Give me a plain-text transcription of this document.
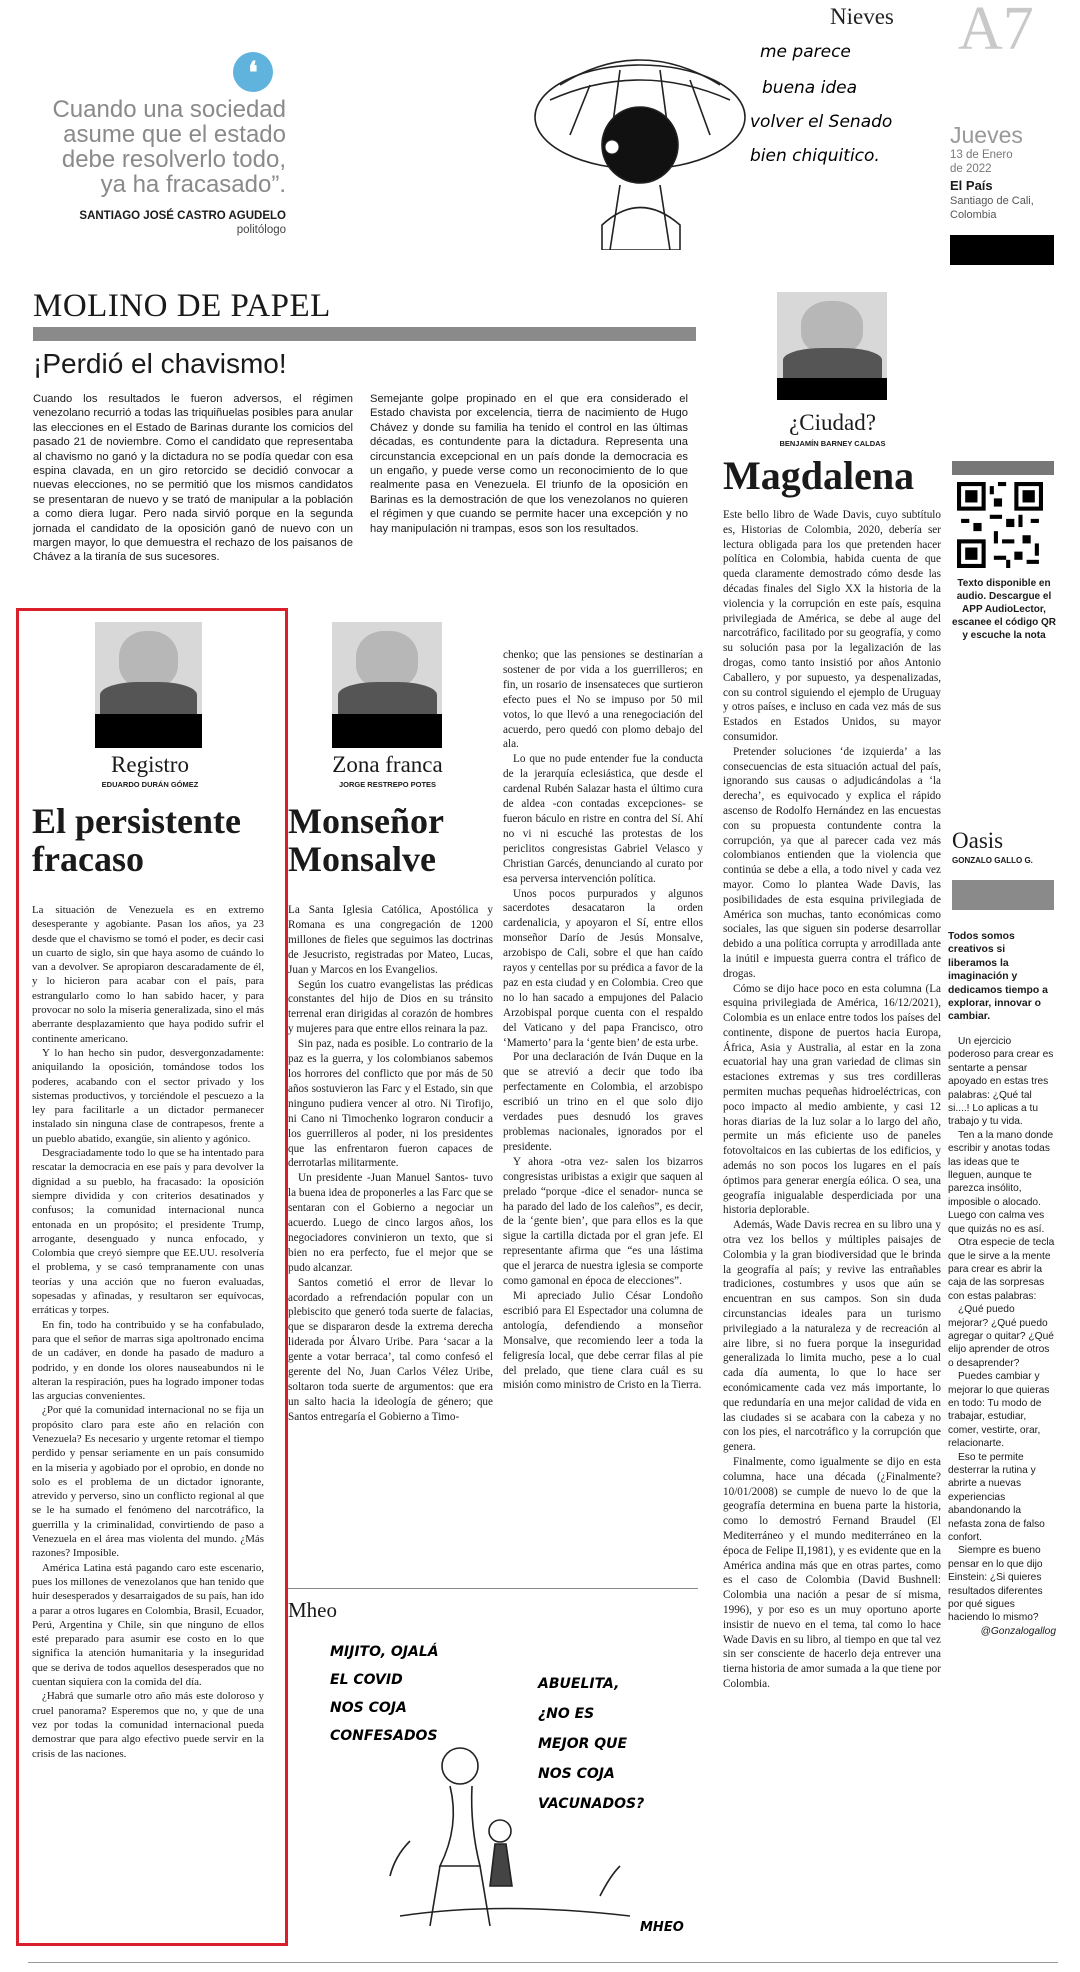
Nieves A7
Jueves
13 de Enero
de 2022
El País
Santiago de Cali,
Colombia
❛
Cuando una sociedad asume que el estado debe resolverlo todo, ya ha fracasado”.
SANTIAGO JOSÉ CASTRO AGUDELO
politólogo
me parece
buena idea
volver el Senado
bien chiquitico.
MOLINO DE PAPEL
¡Perdió el chavismo!
Cuando los resultados le fueron adversos, el régimen venezolano recurrió a todas las triquiñuelas posibles para anular las elecciones en el Estado de Barinas durante los comicios del pasado 21 de noviembre. Como el candidato que representaba al chavismo no ganó y la dictadura no se podía quedar con esa espina clavada, en un giro retorcido se decidió convocar a nuevas elecciones, no se permitió que los mismos candidatos se presentaran de nuevo y se trató de manipular a la población a como diera lugar. Pero nada sirvió porque en la segunda jornada el candidato de la oposición ganó de nuevo con un margen mayor, lo que demuestra el rechazo de los paisanos de Chávez a la tiranía de sus sucesores.
Semejante golpe propinado en el que era considerado el Estado chavista por excelencia, tierra de nacimiento de Hugo Chávez y donde su familia ha tenido el control en las últimas décadas, es contundente para la dictadura. Representa una circunstancia excepcional en un país donde la democracia es un engaño, y puede verse como un reconocimiento de lo que realmente pasa en Venezuela. El triunfo de la oposición en Barinas es la demostración de que los venezolanos no quieren el régimen y que cuando se permite hacer una excepción y no hay manipulación ni trampas, esos son los resultados.
¿Ciudad?
BENJAMÍN BARNEY CALDAS
Magdalena

Este bello libro de Wade Davis, cuyo subtítulo es, Historias de Colombia, 2020, debería ser lectura obligada para los que pretenden hacer política en Colombia, habida cuenta de que queda claramente demostrado cómo desde las décadas finales del Siglo XX la historia de la violencia y la corrupción en este país, esquina privilegiada de América, se debe al auge del narcotráfico, facilitado por su geografía, y como su solución pasa por la legalización de las drogas, como tanto insistió por años Antonio Caballero, y por supuesto, ya despenalizadas, con su control siguiendo el ejemplo de Uruguay y otros países, e incluso en cada vez más de sus Estados en Estados Unidos, su mayor consumidor.

Pretender soluciones ‘de izquierda’ a las consecuencias de esta situación actual del país, ignorando sus causas o adjudicándolas a ‘la derecha’, es equivocado y explica el rápido ascenso de Rodolfo Hernández en las encuestas con su propuesta contundente contra la corrupción, ya que al parecer cada vez más colombianos entienden que la violencia que continúa se debe a ella, a todo nivel y cada vez mayor. Como lo plantea Wade Davis, las posibilidades de esta esquina privilegiada de América son muchas, tanto económicas como sociales, las que siguen sin poderse desarrollar debido a una política corrupta y arrodillada ante la inútil e impuesta guerra contra el tráfico de drogas.

Cómo se dijo hace poco en esta columna (La esquina privilegiada de América, 16/12/2021), Colombia es un enlace entre todos los países del continente, dispone de puertos hacia Europa, África, Asia y Australia, al estar en la zona ecuatorial hay una gran variedad de climas sin estaciones extremas y sus tres cordilleras permiten muchas pequeñas hidroeléctricas, con poco impacto al medio ambiente, y casi 12 horas diarias de la luz solar a lo largo del año, permite un más eficiente uso de paneles fotovoltaicos en las cubiertas de los edificios, y además no son pocos los lugares en el país óptimos para generar energía eólica. O sea, una geografía inigualable desperdiciada por una historia deplorable.

Además, Wade Davis recrea en su libro una y otra vez los bellos y múltiples paisajes de Colombia y la gran biodiversidad que le brinda la geografía al país; y revive las entrañables tradiciones, costumbres y usos que aún se encuentran en sus campos. Son sin duda circunstancias ideales para un turismo privilegiado a la naturaleza y de recreación al aire libre, si no fuera porque la inseguridad generalizada lo limita mucho, pese a lo cual cada día aumenta, lo que lo hace ser económicamente cada vez más importante, lo que redundaría en una mejor calidad de vida en las ciudades si se acabara con la cabeza y no con los pies, el narcotráfico y la corrupción que genera.

Finalmente, como igualmente se dijo en esta columna, hace una década (¿Finalmente? 10/01/2008) se cumple de nuevo lo de que la geografía determina en buena parte la historia, como lo demostró Fernand Braudel (El Mediterráneo y el mundo mediterráneo en la época de Felipe II,1981), y es evidente que en la América andina más que en otras partes, como es el caso de Colombia (David Bushnell: Colombia una nación a pesar de sí misma, 1996), y por eso es un muy oportuno aporte insistir de nuevo en el tema, tal como lo hace Wade Davis en su libro, al tiempo en que tal vez sin ser consciente de hacerlo deja entrever una tierna historia de amor sumada a la que tiene por Colombia.

Texto disponible en audio. Descargue el APP AudioLector, escanee el código QR y escuche la nota
Oasis
GONZALO GALLO G.
Todos somos creativos si liberamos la imaginación y dedicamos tiempo a explorar, innovar o cambiar.

Un ejercicio poderoso para crear es sentarte a pensar apoyado en estas tres palabras: ¿Qué tal si....! Lo aplicas a tu trabajo y tu vida.

Ten a la mano donde escribir y anotas todas las ideas que te lleguen, aunque te parezca insólito, imposible o alocado. Luego con calma ves que quizás no es así.

Otra especie de tecla que le sirve a la mente para crear es abrir la caja de las sorpresas con estas palabras:

¿Qué puedo mejorar? ¿Qué puedo agregar o quitar? ¿Qué elijo aprender de otros o desaprender?

Puedes cambiar y mejorar lo que quieras en todo: Tu modo de trabajar, estudiar, comer, vestirte, orar, relacionarte.

Eso te permite desterrar la rutina y abrirte a nuevas experiencias abandonando la nefasta zona de falso confort.

Siempre es bueno pensar en lo que dijo Einstein: ¿Si quieres resultados diferentes por qué sigues haciendo lo mismo?

@Gonzalogallog

Registro
EDUARDO DURÁN GÓMEZ
El persistente fracaso

La situación de Venezuela es en extremo desesperante y agobiante. Pasan los años, ya 23 desde que el chavismo se tomó el poder, es decir casi un cuarto de siglo, sin que haya asomo de cuándo lo van a devolver. Se apropiaron descaradamente de él, y lo hicieron para acabar con el país, para estrangularlo como lo han sabido hacer, y para provocar no solo la miseria generalizada, sino el más aberrante desplazamiento que haya podido sufrir el continente americano.

Y lo han hecho sin pudor, desvergonzadamente: aniquilando la oposición, tomándose todos los poderes, acabando con el sector privado y los sistemas productivos, y torciéndole el pescuezo a la ley para facilitarle a un dictador permanecer instalado sin ninguna clase de contrapesos, frente a un pueblo abatido, exangüe, sin aliento y agónico.

Desgraciadamente todo lo que se ha intentado para rescatar la democracia en ese país y para devolver la dignidad a su pueblo, ha fracasado: la oposición siempre dividida y con criterios desatinados y confusos; la comunidad internacional nunca entonada en un propósito; el presidente Trump, arrogante, desenguado y nunca enfocado, y Colombia que creyó siempre que EE.UU. resolvería el problema, y se casó tempranamente con unas teorías y una acción que no fueron evaluadas, sopesadas y afinadas, y resultaron ser equívocas, erráticas y torpes.

En fin, todo ha contribuido y se ha confabulado, para que el señor de marras siga apoltronado encima de un cadáver, en donde ha pasado de maduro a podrido, y en donde los olores nauseabundos ni le alteran la respiración, pues ha logrado imponer todas las argucias convenientes.

¿Por qué la comunidad internacional no se fija un propósito claro para este año en relación con Venezuela? Es necesario y urgente retomar el tiempo perdido y pensar seriamente en un país consumido en la miseria y agobiado por el oprobio, en donde no solo es el problema de un dictador ignorante, atrevido y perverso, sino un conflicto regional al que se le ha sumado el fenómeno del narcotráfico, la guerrilla y la criminalidad, convirtiendo de paso a Venezuela en el área mas violenta del mundo. ¿Más razones? Imposible.

América Latina está pagando caro este escenario, pues los millones de venezolanos que han tenido que huir desesperados y desarraigados de su país, han ido a parar a otros lugares en Colombia, Brasil, Ecuador, Perú, Argentina y Chile, sin que ninguno de ellos esté preparado para asumir ese costo en lo que significa la atención humanitaria y la inseguridad que se deriva de todos aquellos desesperados que no cuentan siquiera con la comida del día.

¿Habrá que sumarle otro año más este doloroso y cruel panorama? Esperemos que no, y que de una vez por todas la comunidad internacional pueda demostrar que para algo efectivo puede servir en la crisis de las naciones.

Zona franca
JORGE RESTREPO POTES
Monseñor Monsalve

La Santa Iglesia Católica, Apostólica y Romana es una congregación de 1200 millones de fieles que seguimos las doctrinas de Jesucristo, registradas por Mateo, Lucas, Juan y Marcos en los Evangelios.

Según los cuatro evangelistas las prédicas constantes del hijo de Dios en su tránsito terrenal eran dirigidas al corazón de hombres y mujeres para que entre ellos reinara la paz.

Sin paz, nada es posible. Lo contrario de la paz es la guerra, y los colombianos sabemos los horrores del conflicto que por más de 50 años sostuvieron las Farc y el Estado, sin que ninguno pudiera vencer al otro. Ni Tirofijo, ni Cano ni Timochenko lograron conducir a los guerrilleros al poder, ni los presidentes que las enfrentaron fueron capaces de derrotarlas militarmente.

Un presidente -Juan Manuel Santos- tuvo la buena idea de proponerles a las Farc que se sentaran con el Gobierno a negociar un acuerdo. Luego de cinco largos años, los negociadores convinieron un texto, que si bien no era perfecto, fue el mejor que se pudo alcanzar.

Santos cometió el error de llevar lo acordado a refrendación popular con un plebiscito que generó toda suerte de falacias, que se dispararon desde la extrema derecha liderada por Álvaro Uribe. Para ‘sacar a la gente a votar berraca’, tal como confesó el gerente del No, Juan Carlos Vélez Uribe, soltaron toda suerte de argumentos: que era un salto hacia la ideología de género; que Santos entregaría el Gobierno a Timo-

chenko; que las pensiones se destinarían a sostener de por vida a los guerrilleros; en fin, un rosario de insensateces que surtieron efecto pues el No se impuso por 50 mil votos, lo que llevó a una renegociación del acuerdo, pero quedó con plomo debajo del ala.

Lo que no pude entender fue la conducta de la jerarquía eclesiástica, que desde el cardenal Rubén Salazar hasta el último cura de aldea -con contadas excepciones- se fueron báculo en ristre en contra del Sí. Ahí no vi ni escuché las protestas de los periclitos congresistas Gabriel Velasco y Christian Garcés, denunciando al curato por esa perversa intervención política.

Unos pocos purpurados y algunos sacerdotes desacataron la orden cardenalicia, y apoyaron el Sí, entre ellos monseñor Darío de Jesús Monsalve, arzobispo de Cali, sobre el que han caído rayos y centellas por su prédica a favor de la paz en esta ciudad y en Colombia. Creo que no lo han sacado a empujones del Palacio Arzobispal porque cuenta con el respaldo del Vaticano y del papa Francisco, otro ‘Mamerto’ para la ‘gente bien’ de esta urbe.

Por una declaración de Iván Duque en la que se atrevió a decir que todo iba perfectamente en Colombia, el arzobispo escribió un trino en el que solo dijo verdades pues desnudó los graves problemas nacionales, ignorados por el presidente.

Y ahora -otra vez- salen los bizarros congresistas uribistas a exigir que saquen al prelado “porque -dice el senador- nunca se ha parado del lado de los caleños”, es decir, de la ‘gente bien’, que para ellos es la que sigue la cartilla dictada por el gran jefe. El representante afirma que “es una lástima que el jerarca de nuestra iglesia se comporte como gamonal en época de elecciones”.

Mi apreciado Julio César Londoño escribió para El Espectador una columna de antología, defendiendo a monseñor Monsalve, que recomiendo leer a toda la feligresía local, que debe cerrar filas al pie del prelado, que tiene clara cuál es su misión como ministro de Cristo en la Tierra.

Mheo
MIJITO, OJALÁ
EL COVID
NOS COJA
CONFESADOS
ABUELITA,
¿NO ES
MEJOR QUE
NOS COJA
VACUNADOS?
MHEO
